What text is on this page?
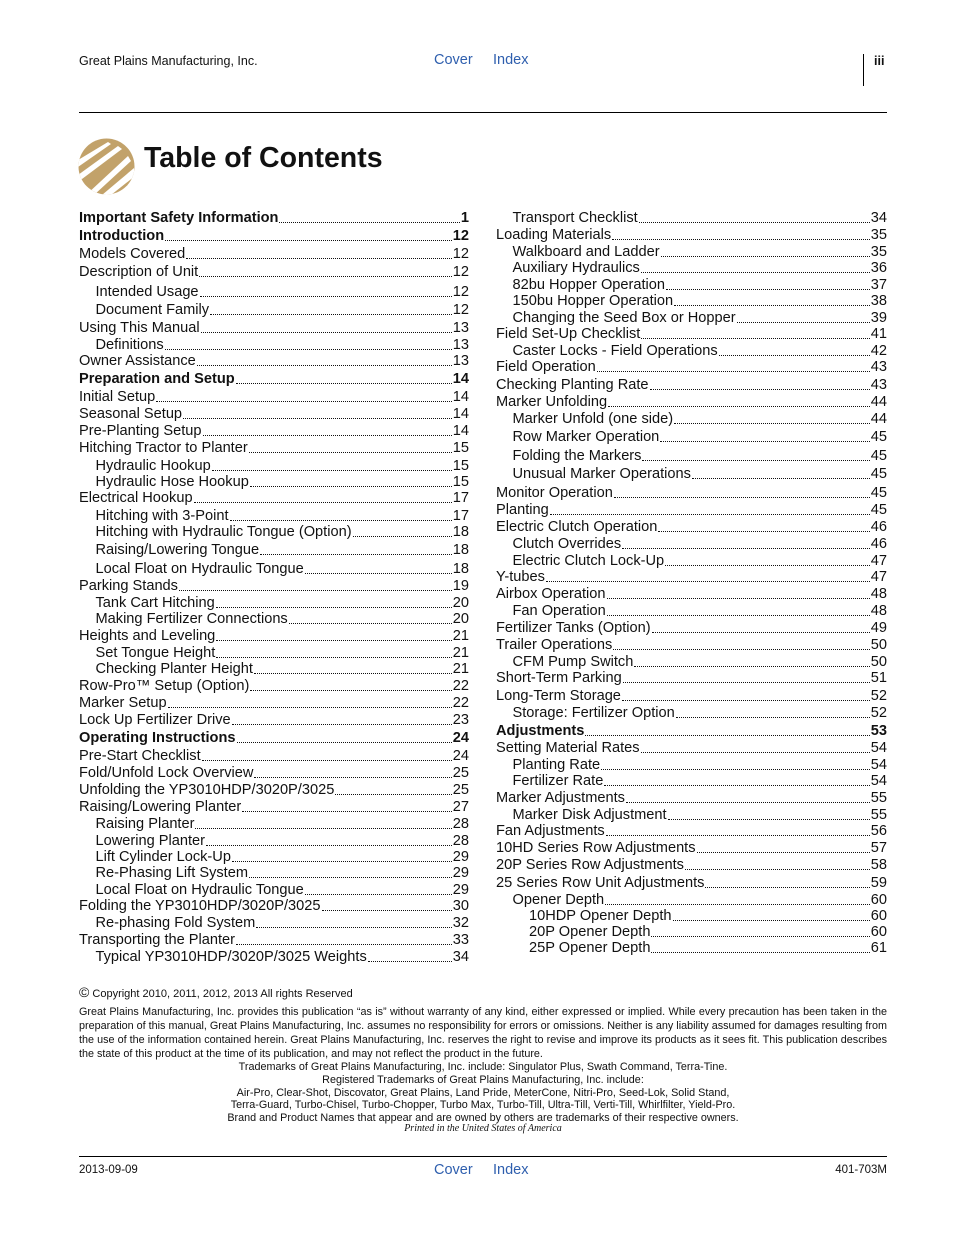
Great Plains Manufacturing, Inc.	Cover Index	iii
Table of Contents
Important Safety Information	1
Introduction	12
Models Covered	12
Description of Unit	12
Intended Usage	12
Document Family	12
Using This Manual	13
Definitions	13
Owner Assistance	13
Preparation and Setup	14
Initial Setup	14
Seasonal Setup	14
Pre-Planting Setup	14
Hitching Tractor to Planter	15
Hydraulic Hookup	15
Hydraulic Hose Hookup	15
Electrical Hookup	17
Hitching with 3-Point	17
Hitching with Hydraulic Tongue (Option)	18
Raising/Lowering Tongue	18
Local Float on Hydraulic Tongue	18
Parking Stands	19
Tank Cart Hitching	20
Making Fertilizer Connections	20
Heights and Leveling	21
Set Tongue Height	21
Checking Planter Height	21
Row-Pro™ Setup (Option)	22
Marker Setup	22
Lock Up Fertilizer Drive	23
Operating Instructions	24
Pre-Start Checklist	24
Fold/Unfold Lock Overview	25
Unfolding the YP3010HDP/3020P/3025	25
Raising/Lowering Planter	27
Raising Planter	28
Lowering Planter	28
Lift Cylinder Lock-Up	29
Re-Phasing Lift System	29
Local Float on Hydraulic Tongue	29
Folding the YP3010HDP/3020P/3025	30
Re-phasing Fold System	32
Transporting the Planter	33
Typical YP3010HDP/3020P/3025 Weights	34
Transport Checklist	34
Loading Materials	35
Walkboard and Ladder	35
Auxiliary Hydraulics	36
82bu Hopper Operation	37
150bu Hopper Operation	38
Changing the Seed Box or Hopper	39
Field Set-Up Checklist	41
Caster Locks - Field Operations	42
Field Operation	43
Checking Planting Rate	43
Marker Unfolding	44
Marker Unfold (one side)	44
Row Marker Operation	45
Folding the Markers	45
Unusual Marker Operations	45
Monitor Operation	45
Planting	45
Electric Clutch Operation	46
Clutch Overrides	46
Electric Clutch Lock-Up	47
Y-tubes	47
Airbox Operation	48
Fan Operation	48
Fertilizer Tanks (Option)	49
Trailer Operations	50
CFM Pump Switch	50
Short-Term Parking	51
Long-Term Storage	52
Storage: Fertilizer Option	52
Adjustments	53
Setting Material Rates	54
Planting Rate	54
Fertilizer Rate	54
Marker Adjustments	55
Marker Disk Adjustment	55
Fan Adjustments	56
10HD Series Row Adjustments	57
20P Series Row Adjustments	58
25 Series Row Unit Adjustments	59
Opener Depth	60
10HDP Opener Depth	60
20P Opener Depth	60
25P Opener Depth	61
© Copyright 2010, 2011, 2012, 2013 All rights Reserved

Great Plains Manufacturing, Inc. provides this publication “as is” without warranty of any kind, either expressed or implied. While every precaution has been taken in the preparation of this manual, Great Plains Manufacturing, Inc. assumes no responsibility for errors or omissions. Neither is any liability assumed for damages resulting from the use of the information contained herein. Great Plains Manufacturing, Inc. reserves the right to revise and improve its products as it sees fit. This publication describes the state of this product at the time of its publication, and may not reflect the product in the future.

Trademarks of Great Plains Manufacturing, Inc. include: Singulator Plus, Swath Command, Terra-Tine.
Registered Trademarks of Great Plains Manufacturing, Inc. include:
Air-Pro, Clear-Shot, Discovator, Great Plains, Land Pride, MeterCone, Nitri-Pro, Seed-Lok, Solid Stand,
Terra-Guard, Turbo-Chisel, Turbo-Chopper, Turbo Max, Turbo-Till, Ultra-Till, Verti-Till, Whirlfilter, Yield-Pro.
Brand and Product Names that appear and are owned by others are trademarks of their respective owners.
Printed in the United States of America
2013-09-09	Cover Index	401-703M
